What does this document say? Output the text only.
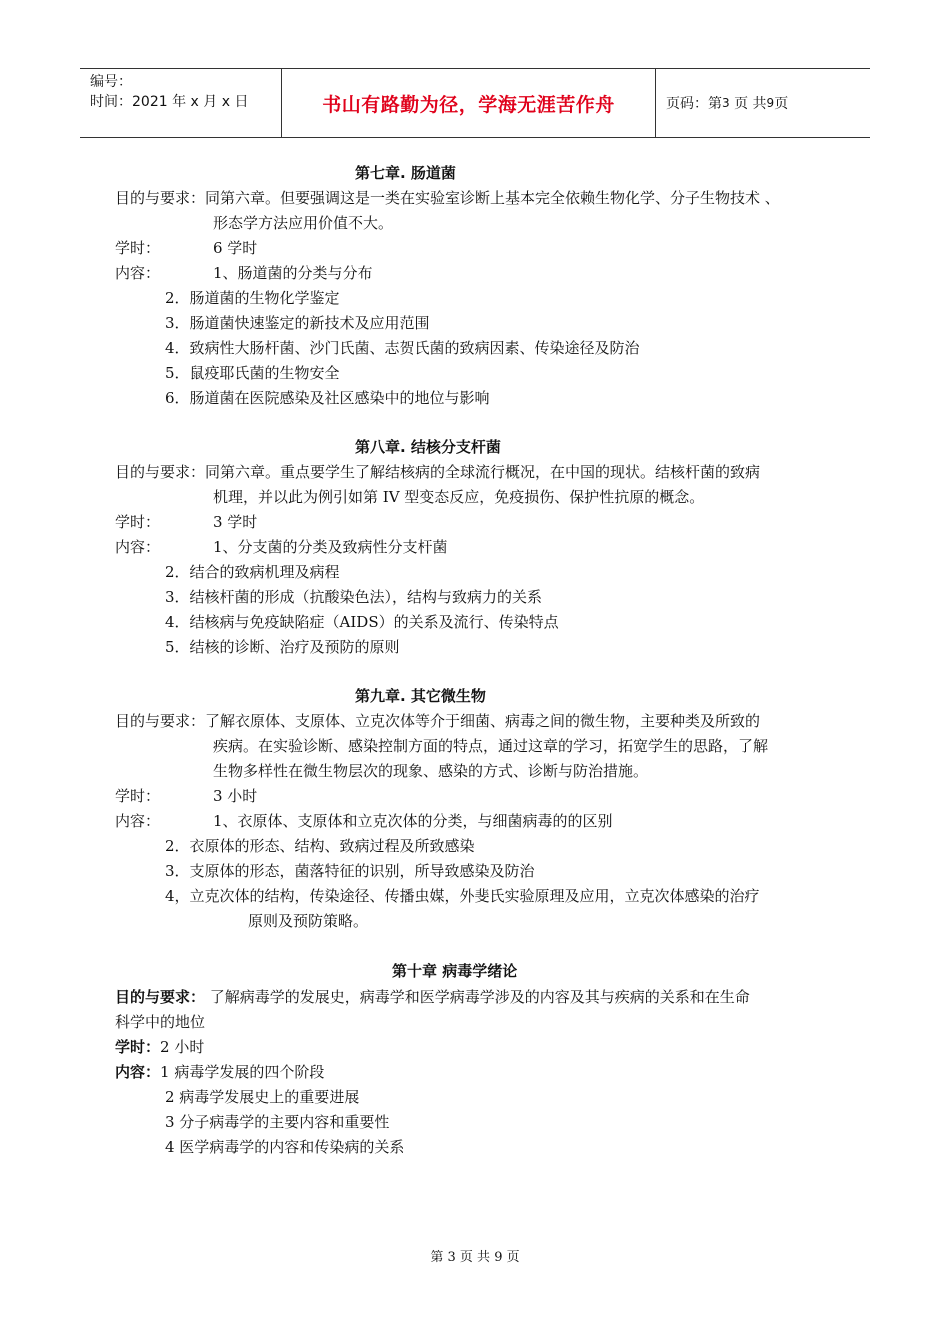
编号：
时间：2021 年 x 月 x 日	书山有路勤为径，学海无涯苦作舟	页码：第 3
页 共 9 页
第七章. 肠道菌
目的与要求：同第六章。但要强调这是一类在实验室诊断上基本完全依赖生物化学、分子生物技术 、
形态学方法应用价值不大。
学时：	6 学时
内容：	1、肠道菌的分类与分布
2．肠道菌的生物化学鉴定
3．肠道菌快速鉴定的新技术及应用范围
4．致病性大肠杆菌、沙门氏菌、志贺氏菌的致病因素、传染途径及防治
5．鼠疫耶氏菌的生物安全
6．肠道菌在医院感染及社区感染中的地位与影响
第八章. 结核分支杆菌
目的与要求：同第六章。重点要学生了解结核病的全球流行概况，在中国的现状。结核杆菌的致病
机理，并以此为例引如第 IV 型变态反应，免疫损伤、保护性抗原的概念。
学时：	3 学时
内容：	1、分支菌的分类及致病性分支杆菌
2．结合的致病机理及病程
3．结核杆菌的形成（抗酸染色法），结构与致病力的关系
4．结核病与免疫缺陷症（AIDS）的关系及流行、传染特点
5．结核的诊断、治疗及预防的原则
第九章. 其它微生物
目的与要求：了解衣原体、支原体、立克次体等介于细菌、病毒之间的微生物，主要种类及所致的
疾病。在实验诊断、感染控制方面的特点，通过这章的学习，拓宽学生的思路，了解
生物多样性在微生物层次的现象、感染的方式、诊断与防治措施。
学时：	3 小时
内容：	1、衣原体、支原体和立克次体的分类，与细菌病毒的的区别
2．衣原体的形态、结构、致病过程及所致感染
3．支原体的形态，菌落特征的识别，所导致感染及防治
4，立克次体的结构，传染途径、传播虫媒，外斐氏实验原理及应用，立克次体感染的治疗
原则及预防策略。
第十章 病毒学绪论
目的与要求： 了解病毒学的发展史，病毒学和医学病毒学涉及的内容及其与疾病的关系和在生命
科学中的地位
学时：2 小时
内容：1 病毒学发展的四个阶段
2 病毒学发展史上的重要进展
3 分子病毒学的主要内容和重要性
4 医学病毒学的内容和传染病的关系
第 3 页 共 9 页
